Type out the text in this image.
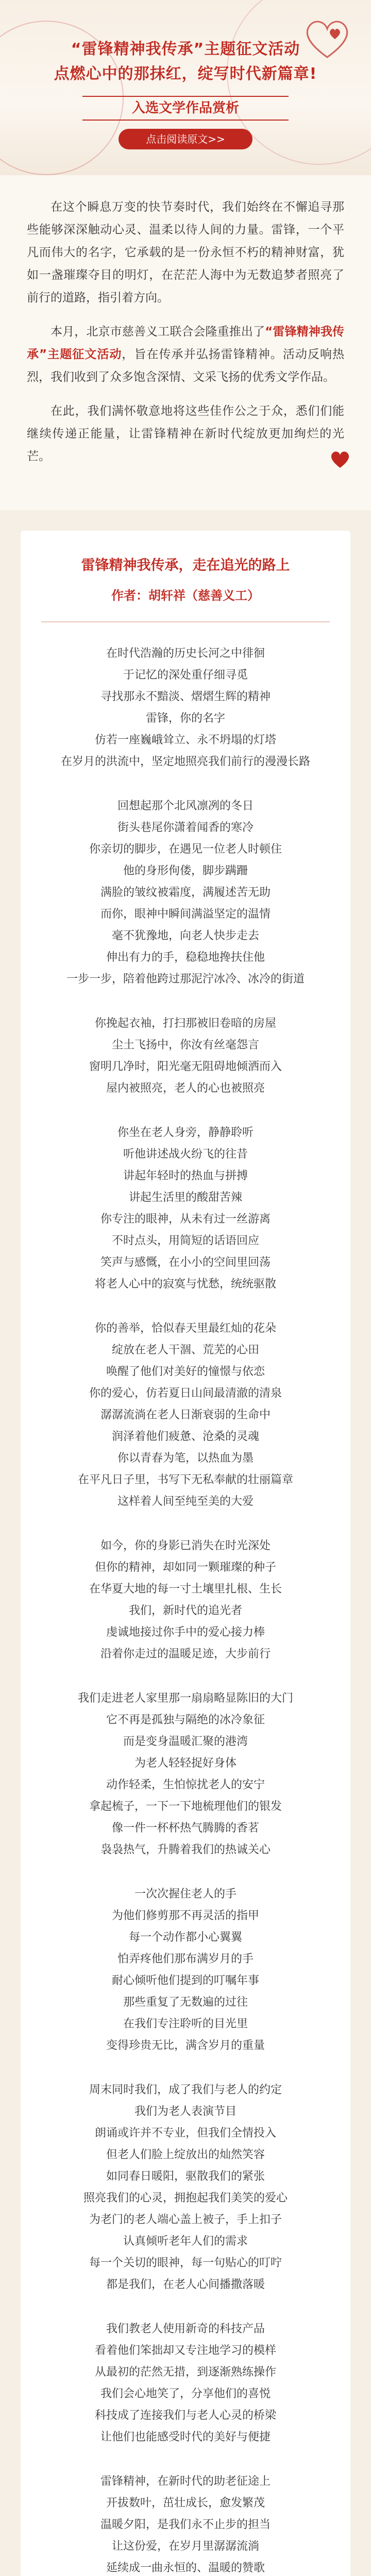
“雷锋精神我传承”主题征文活动
点燃心中的那抹红，绽写时代新篇章!
入选文学作品赏析
点击阅读原文>>

在这个瞬息万变的快节奏时代，我们始终在不懈追寻那些能够深深触动心灵、温柔以待人间的力量。雷锋，一个平凡而伟大的名字，它承载的是一份永恒不朽的精神财富，犹如一盏璀璨夺目的明灯，在茫茫人海中为无数追梦者照亮了前行的道路，指引着方向。

本月，北京市慈善义工联合会隆重推出了“雷锋精神我传承”主题征文活动，旨在传承并弘扬雷锋精神。活动反响热烈，我们收到了众多饱含深情、文采飞扬的优秀文学作品。

在此，我们满怀敬意地将这些佳作公之于众，悉们们能继续传递正能量，让雷锋精神在新时代绽放更加绚烂的光芒。

雷锋精神我传承，走在追光的路上
作者：胡轩祥（慈善义工）
在时代浩瀚的历史长河之中徘徊
于记忆的深处重仔细寻觅
寻找那永不黯淡、熠熠生辉的精神
雷锋，你的名字
仿若一座巍峨耸立、永不坍塌的灯塔
在岁月的洪流中，坚定地照亮我们前行的漫漫长路
回想起那个北风凛冽的冬日
街头巷尾你潇着闻香的寒冷
你亲切的脚步，在遇见一位老人时顿住
他的身形佝偻，脚步蹒跚
满脸的皱纹被霜度，满履述苦无助
而你，眼神中瞬间满溢坚定的温情
毫不犹豫地，向老人快步走去
伸出有力的手，稳稳地搀扶住他
一步一步，陪着他跨过那泥泞冰冷、冰冷的街道
你挽起衣袖，打扫那被旧卷暗的房屋
尘土飞扬中，你汝有丝毫怨言
窗明几净时，阳光毫无阻碍地倾洒而入
屋内被照亮，老人的心也被照亮
你坐在老人身旁，静静聆听
听他讲述战火纷飞的往昔
讲起年轻时的热血与拼搏
讲起生活里的酸甜苦辣
你专注的眼神，从未有过一丝游离
不时点头，用简短的话语回应
笑声与感慨，在小小的空间里回荡
将老人心中的寂寞与忧愁，统统驱散
你的善举，恰似春天里最红灿的花朵
绽放在老人干涸、荒芜的心田
唤醒了他们对美好的憧憬与依恋
你的爱心，仿若夏日山间最清澈的清泉
潺潺流淌在老人日渐衰弱的生命中
润泽着他们疲惫、沧桑的灵魂
你以青春为笔，以热血为墨
在平凡日子里，书写下无私奉献的壮丽篇章
这样着人间至纯至美的大爱
如今，你的身影已消失在时光深处
但你的精神，却如同一颗璀璨的种子
在华夏大地的每一寸土壤里扎根、生长
我们，新时代的追光者
虔诚地接过你手中的爱心接力棒
沿着你走过的温暖足迹，大步前行
我们走进老人家里那一扇扇略显陈旧的大门
它不再是孤独与隔绝的冰冷象征
而是变身温暖汇聚的港湾
为老人轻轻捉好身体
动作轻柔，生怕惊扰老人的安宁
拿起梳子，一下一下地梳理他们的银发
像一件一杯杯热气腾腾的香茗
袅袅热气，升腾着我们的热诚关心
一次次握住老人的手
为他们修剪那不再灵活的指甲
每一个动作都小心翼翼
怕弄疼他们那布满岁月的手
耐心倾听他们提到的叮嘱年事
那些重复了无数遍的过往
在我们专注聆听的目光里
变得珍贵无比，满含岁月的重量
周末同时我们，成了我们与老人的约定
我们为老人表演节目
朗诵或许并不专业，但我们全情投入
但老人们脸上绽放出的灿然笑容
如同春日暖阳，驱散我们的紧张
照亮我们的心灵，拥抱起我们美笑的爱心
为老门的老人端心盖上被子，手上扣子
认真倾听老年人们的需求
每一个关切的眼神，每一句贴心的叮咛
都是我们，在老人心间播撒落暖
我们教老人使用新奇的科技产品
看着他们笨拙却又专注地学习的模样
从最初的茫然无措，到逐渐熟练操作
我们会心地笑了，分享他们的喜悦
科技成了连接我们与老人心灵的桥梁
让他们也能感受时代的美好与便捷
雷锋精神，在新时代的助老征途上
开拔数叶，茁壮成长，愈发繁茂
温暖夕阳，是我们永不止步的担当
让这份爱，在岁月里潺潺流淌
延续成一曲永恒的、温暖的赞歌
